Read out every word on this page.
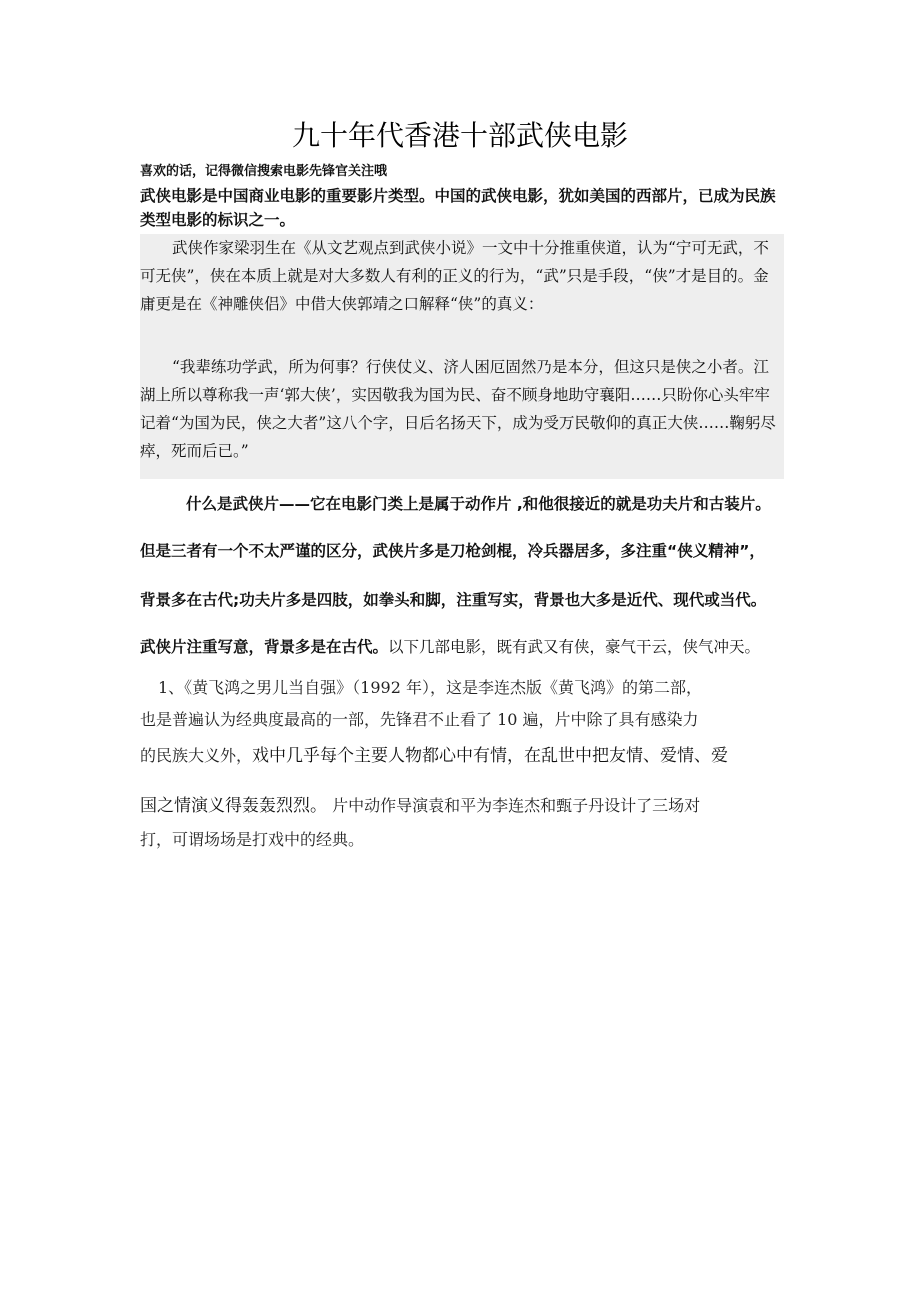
九十年代香港十部武侠电影
喜欢的话，记得微信搜索电影先锋官关注哦
武侠电影是中国商业电影的重要影片类型。中国的武侠电影，犹如美国的西部片，已成为民族类型电影的标识之一。

武侠作家梁羽生在《从文艺观点到武侠小说》一文中十分推重侠道，认为“宁可无武，不可无侠”，侠在本质上就是对大多数人有利的正义的行为，“武”只是手段，“侠”才是目的。金庸更是在《神雕侠侣》中借大侠郭靖之口解释“侠”的真义：

“我辈练功学武，所为何事？行侠仗义、济人困厄固然乃是本分，但这只是侠之小者。江湖上所以尊称我一声‘郭大侠’，实因敬我为国为民、奋不顾身地助守襄阳……只盼你心头牢牢记着“为国为民，侠之大者”这八个字，日后名扬天下，成为受万民敬仰的真正大侠……鞠躬尽瘁，死而后已。”

什么是武侠片——它在电影门类上是属于动作片 ,和他很接近的就是功夫片和古装片。
但是三者有一个不太严谨的区分，武侠片多是刀枪剑棍，冷兵器居多，多注重“侠义精神”，
背景多在古代;功夫片多是四肢，如拳头和脚，注重写实，背景也大多是近代、现代或当代。
武侠片注重写意，背景多是在古代。以下几部电影，既有武又有侠，豪气干云，侠气冲天。
1、《黄飞鸿之男儿当自强》（1992 年），这是李连杰版《黄飞鸿》的第二部，
也是普遍认为经典度最高的一部，先锋君不止看了 10 遍，片中除了具有感染力
的民族大义外，戏中几乎每个主要人物都心中有情，在乱世中把友情、爱情、爱
国之情演义得轰轰烈烈。 片中动作导演袁和平为李连杰和甄子丹设计了三场对
打，可谓场场是打戏中的经典。
